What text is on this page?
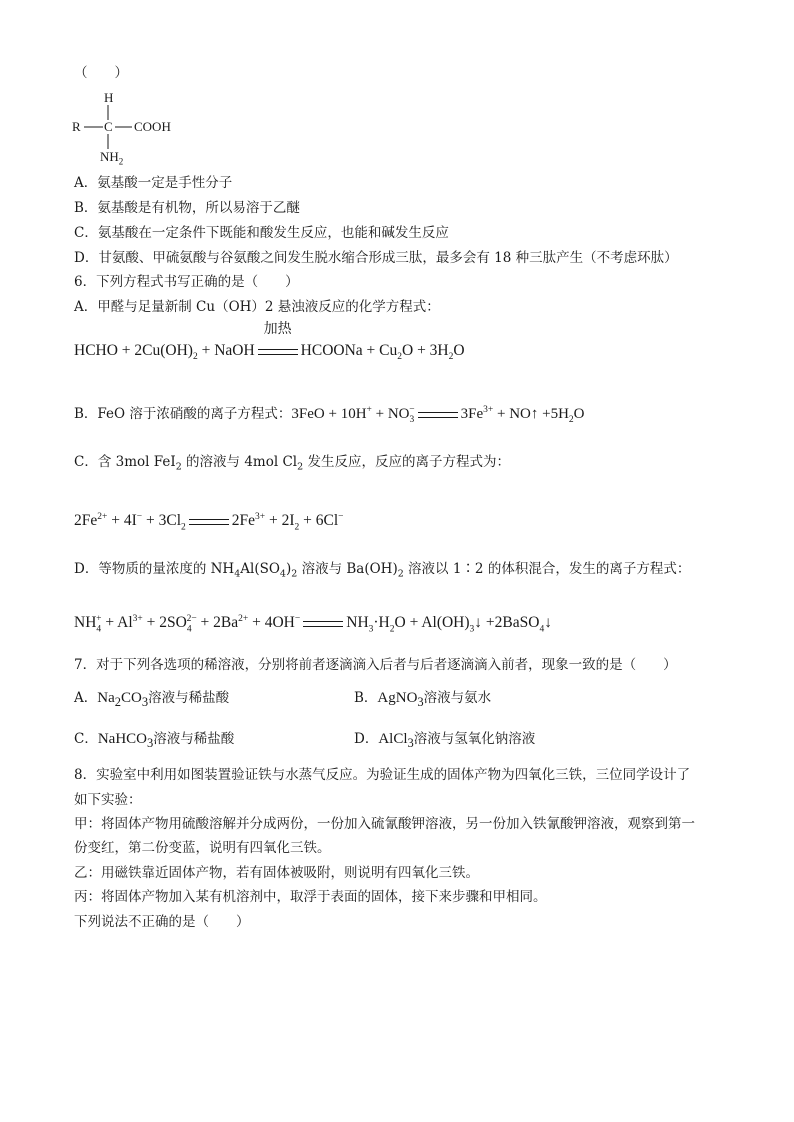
（　　）
H
R C COOH
$NH_2$
A．氨基酸一定是手性分子
B．氨基酸是有机物，所以易溶于乙醚
C．氨基酸在一定条件下既能和酸发生反应，也能和碱发生反应
D．甘氨酸、甲硫氨酸与谷氨酸之间发生脱水缩合形成三肽，最多会有 18 种三肽产生（不考虑环肽）
6．下列方程式书写正确的是（　　）
A．甲醛与足量新制 Cu（OH）2 悬浊液反应的化学方程式：
HCHO + $2Cu(OH)_2$ + NaOH
加热
HCOONa + $Cu_2O + 3H_2O$
B．FeO 溶于浓硝酸的离子方程式：$3FeO + 10H^+ + NO_3^-$	$3Fe^{3+}$ + NO↑ $+5H_2O$
C．含 3mol FeI$_2$ 的溶液与 4mol $Cl_2$ 发生反应，反应的离子方程式为：
$2Fe^{2+} + 4I^- + 3Cl_2$	$2Fe^{3+} + 2I_2 + 6Cl^-$
D．等物质的量浓度的 $NH_4Al(SO_4)_2$ 溶液与 $Ba(OH)_2$ 溶液以 1∶2 的体积混合，发生的离子方程式：
$NH_4^+ + Al^{3+} + 2SO_4^{2-} + 2Ba^{2+} + 4OH^-$	$NH_3\cdot H_2O$ + $Al(OH)_3↓$ +2BaSO$_4$↓
7．对于下列各选项的稀溶液，分别将前者逐滴滴入后者与后者逐滴滴入前者，现象一致的是（　　）
A．$Na_2CO_3$溶液与稀盐酸	B．AgNO$_3$溶液与氨水
C．NaHCO$_3$溶液与稀盐酸	D．AlCl$_3$溶液与氢氧化钠溶液
8．实验室中利用如图装置验证铁与水蒸气反应。为验证生成的固体产物为四氧化三铁，三位同学设计了
如下实验：
甲：将固体产物用硫酸溶解并分成两份，一份加入硫氰酸钾溶液，另一份加入铁氰酸钾溶液，观察到第一
份变红，第二份变蓝，说明有四氧化三铁。
乙：用磁铁靠近固体产物，若有固体被吸附，则说明有四氧化三铁。
丙：将固体产物加入某有机溶剂中，取浮于表面的固体，接下来步骤和甲相同。
下列说法不正确的是（　　）
